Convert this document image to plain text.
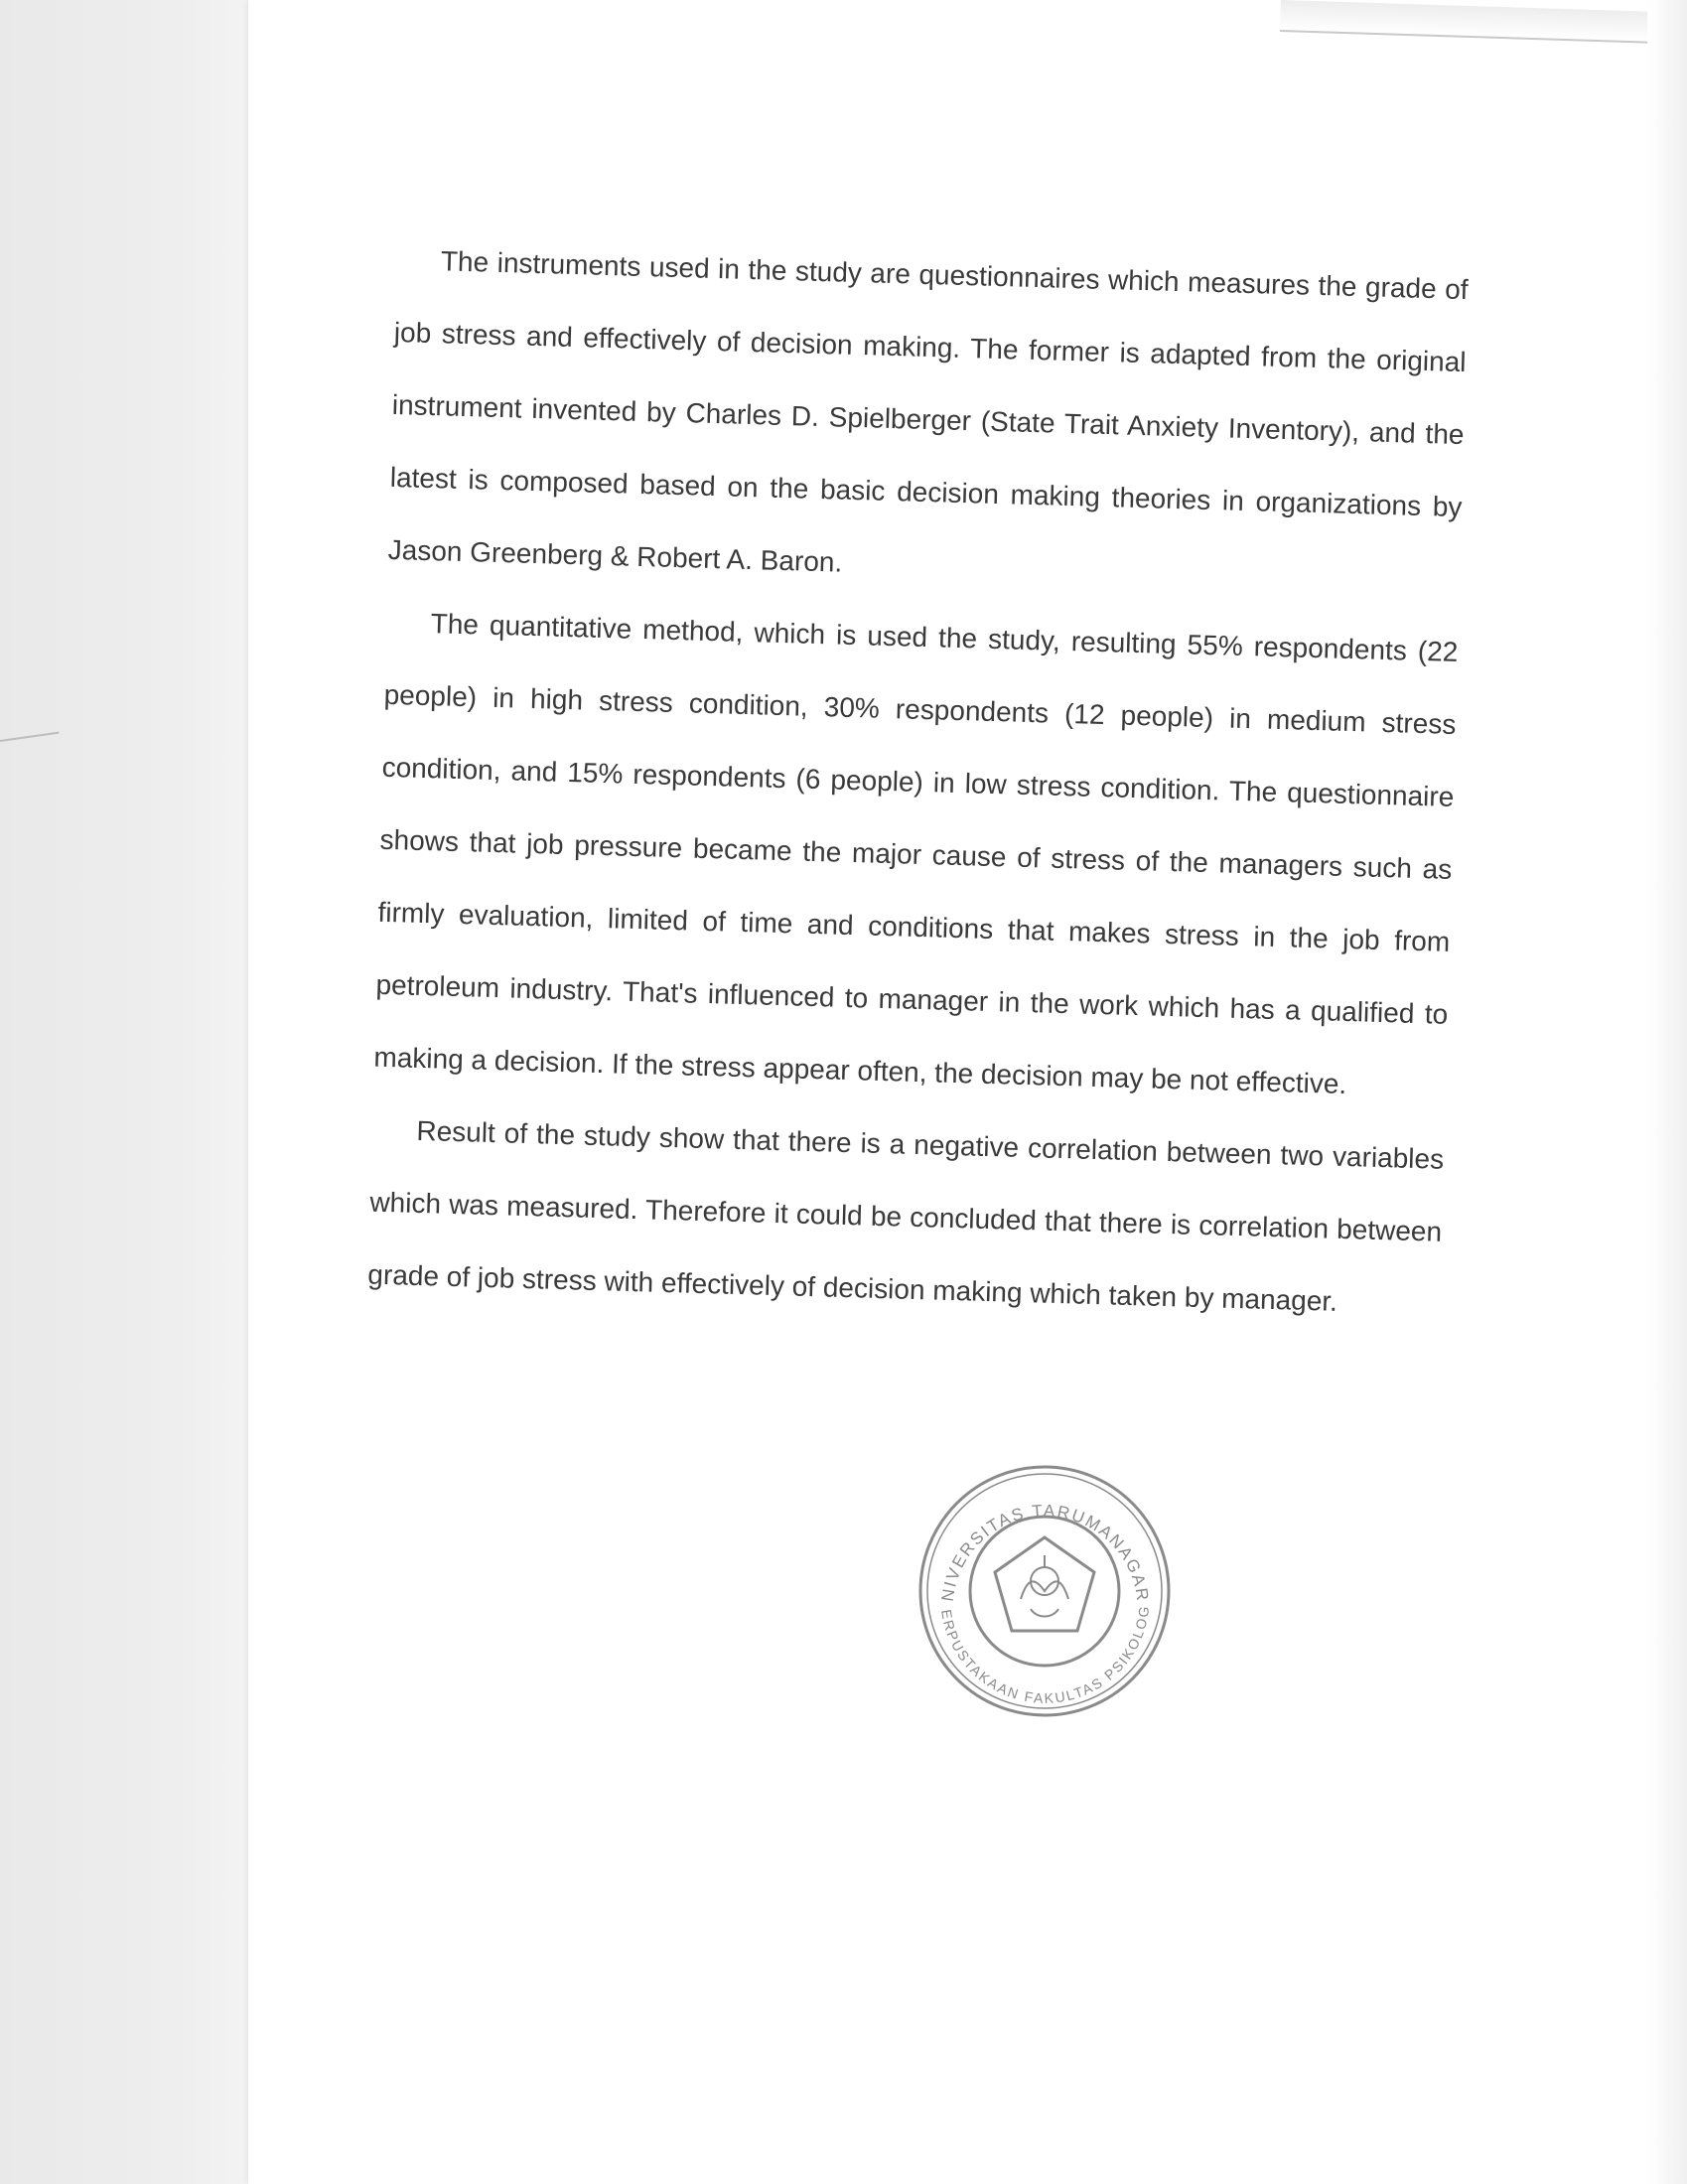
The instruments used in the study are questionnaires which measures the grade of job stress and effectively of decision making. The former is adapted from the original instrument invented by Charles D. Spielberger (State Trait Anxiety Inventory), and the latest is composed based on the basic decision making theories in organizations by Jason Greenberg & Robert A. Baron.

The quantitative method, which is used the study, resulting 55% respondents (22 people) in high stress condition, 30% respondents (12 people) in medium stress condition, and 15% respondents (6 people) in low stress condition. The questionnaire shows that job pressure became the major cause of stress of the managers such as firmly evaluation, limited of time and conditions that makes stress in the job from petroleum industry. That's influenced to manager in the work which has a qualified to making a decision. If the stress appear often, the decision may be not effective.

Result of the study show that there is a negative correlation between two variables which was measured. Therefore it could be concluded that there is correlation between grade of job stress with effectively of decision making which taken by manager.

NIVERSITAS TARUMANAGAR
ERPUSTAKAAN FAKULTAS PSIKOLOG
